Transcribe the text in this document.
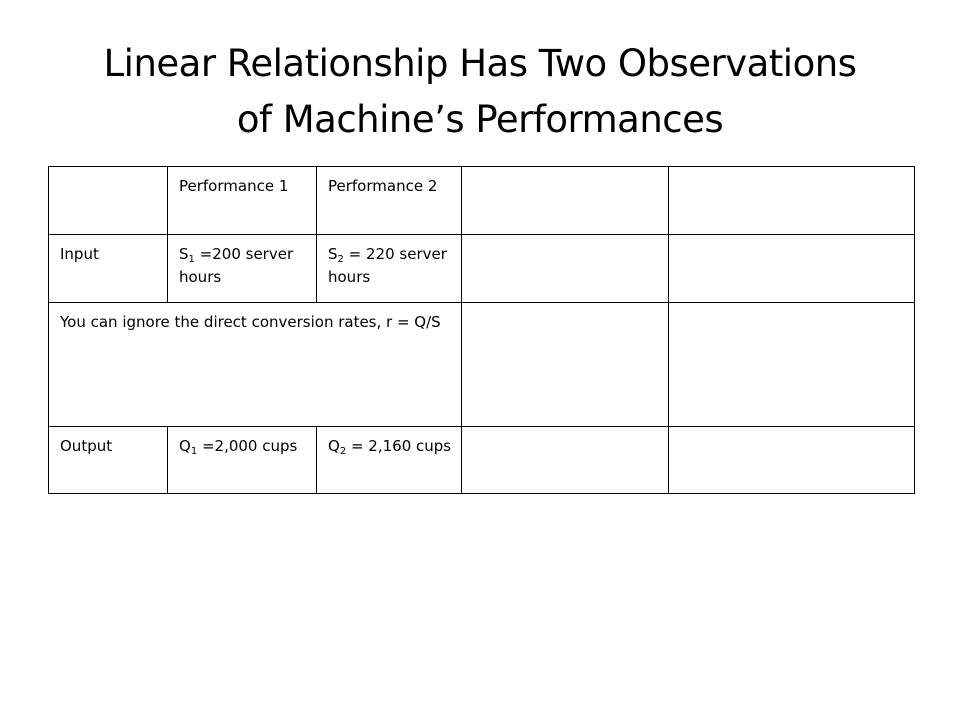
Linear Relationship Has Two Observations
of Machine’s Performances
	Performance 1	Performance 2		
Input	$S_1 =200$ server hours	$S_2 = 220$ server hours		
You can ignore the direct conversion rates, r = Q/S				
Output	$Q_1 =2,000$ cups	$Q_2 = 2,160$ cups		
